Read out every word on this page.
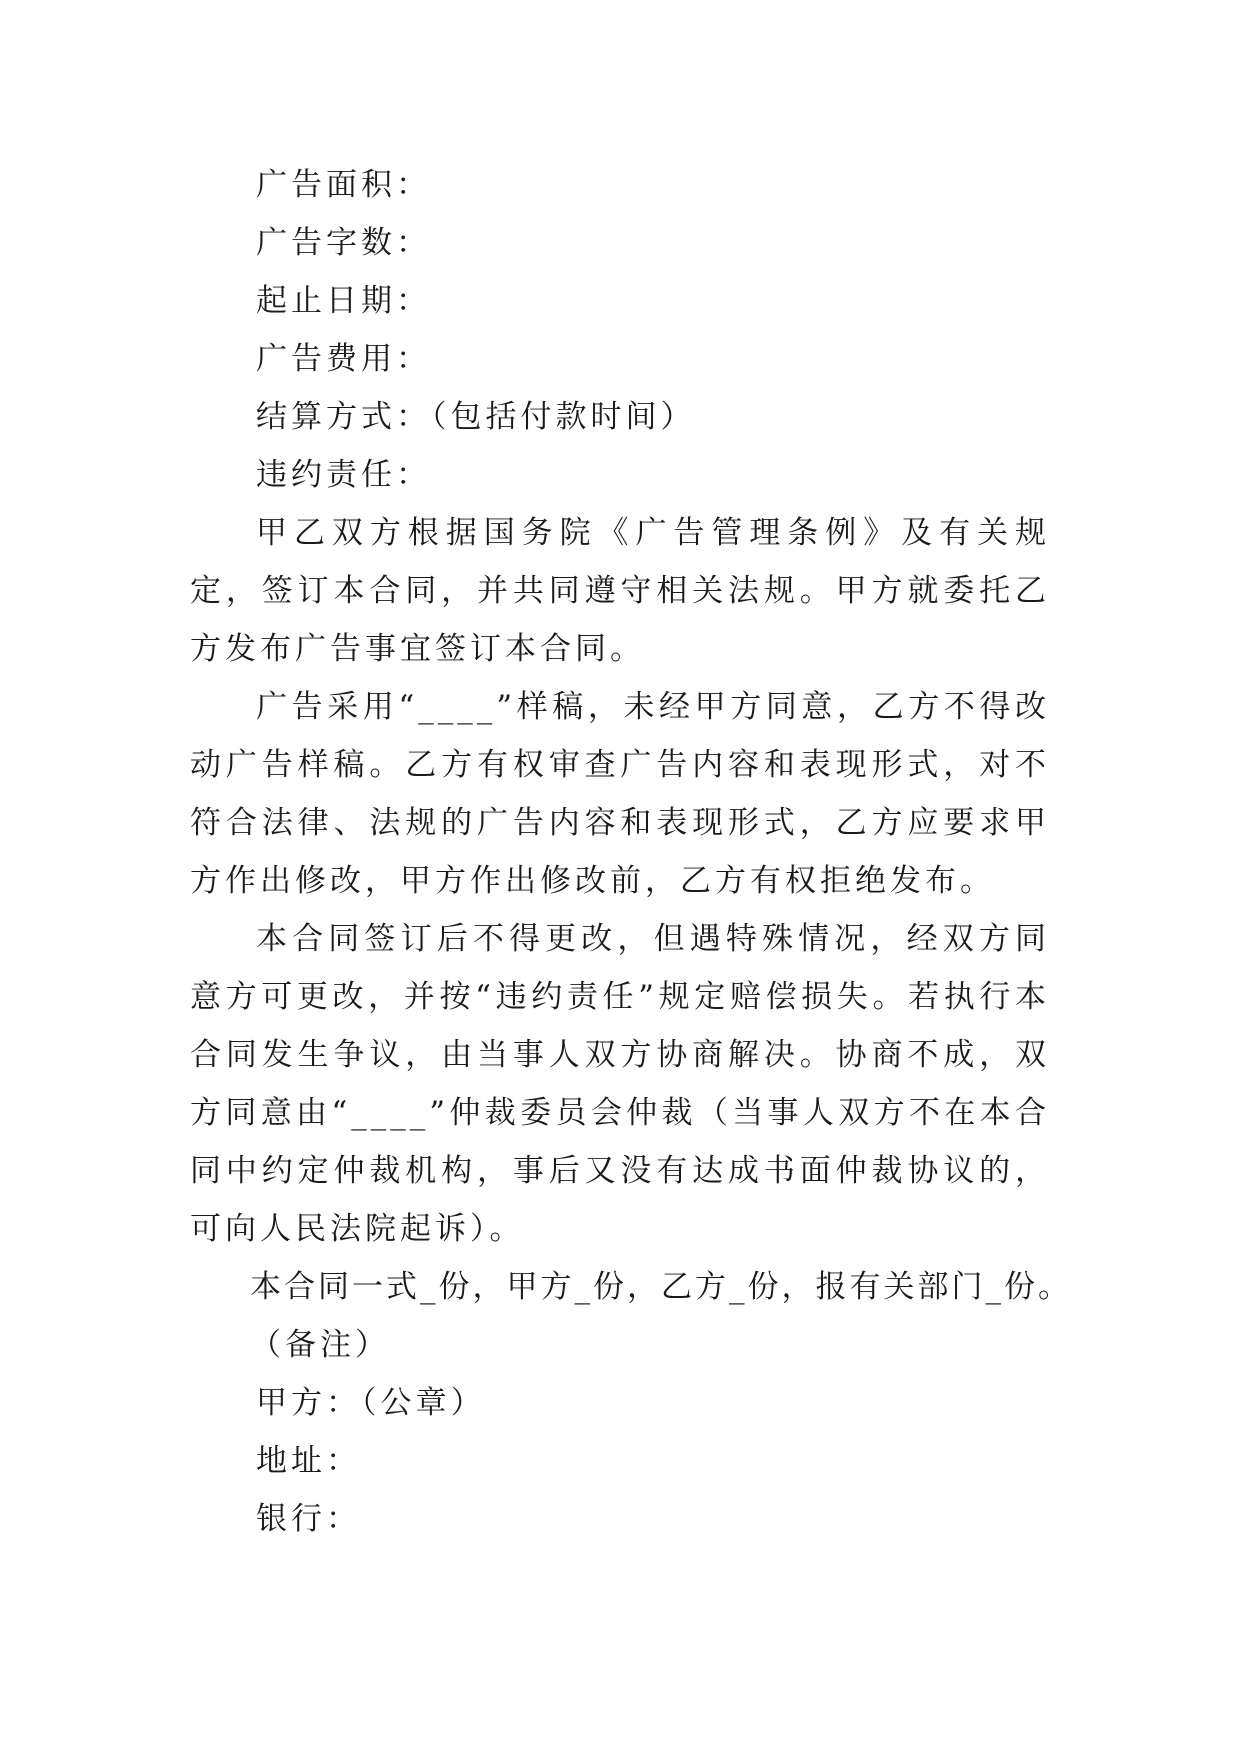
广告面积：
广告字数：
起止日期：
广告费用：
结算方式：（包括付款时间）
违约责任：
甲乙双方根据国务院《广告管理条例》及有关规定，签订本合同，并共同遵守相关法规。甲方就委托乙方发布广告事宜签订本合同。
广告采用“____”样稿，未经甲方同意，乙方不得改动广告样稿。乙方有权审查广告内容和表现形式，对不符合法律、法规的广告内容和表现形式，乙方应要求甲方作出修改，甲方作出修改前，乙方有权拒绝发布。
本合同签订后不得更改，但遇特殊情况，经双方同意方可更改，并按“违约责任”规定赔偿损失。若执行本合同发生争议，由当事人双方协商解决。协商不成，双方同意由“____”仲裁委员会仲裁（当事人双方不在本合同中约定仲裁机构，事后又没有达成书面仲裁协议的，可向人民法院起诉）。
本合同一式_份，甲方_份，乙方_份，报有关部门_份。
（备注）
甲方：（公章）
地址：
银行：
